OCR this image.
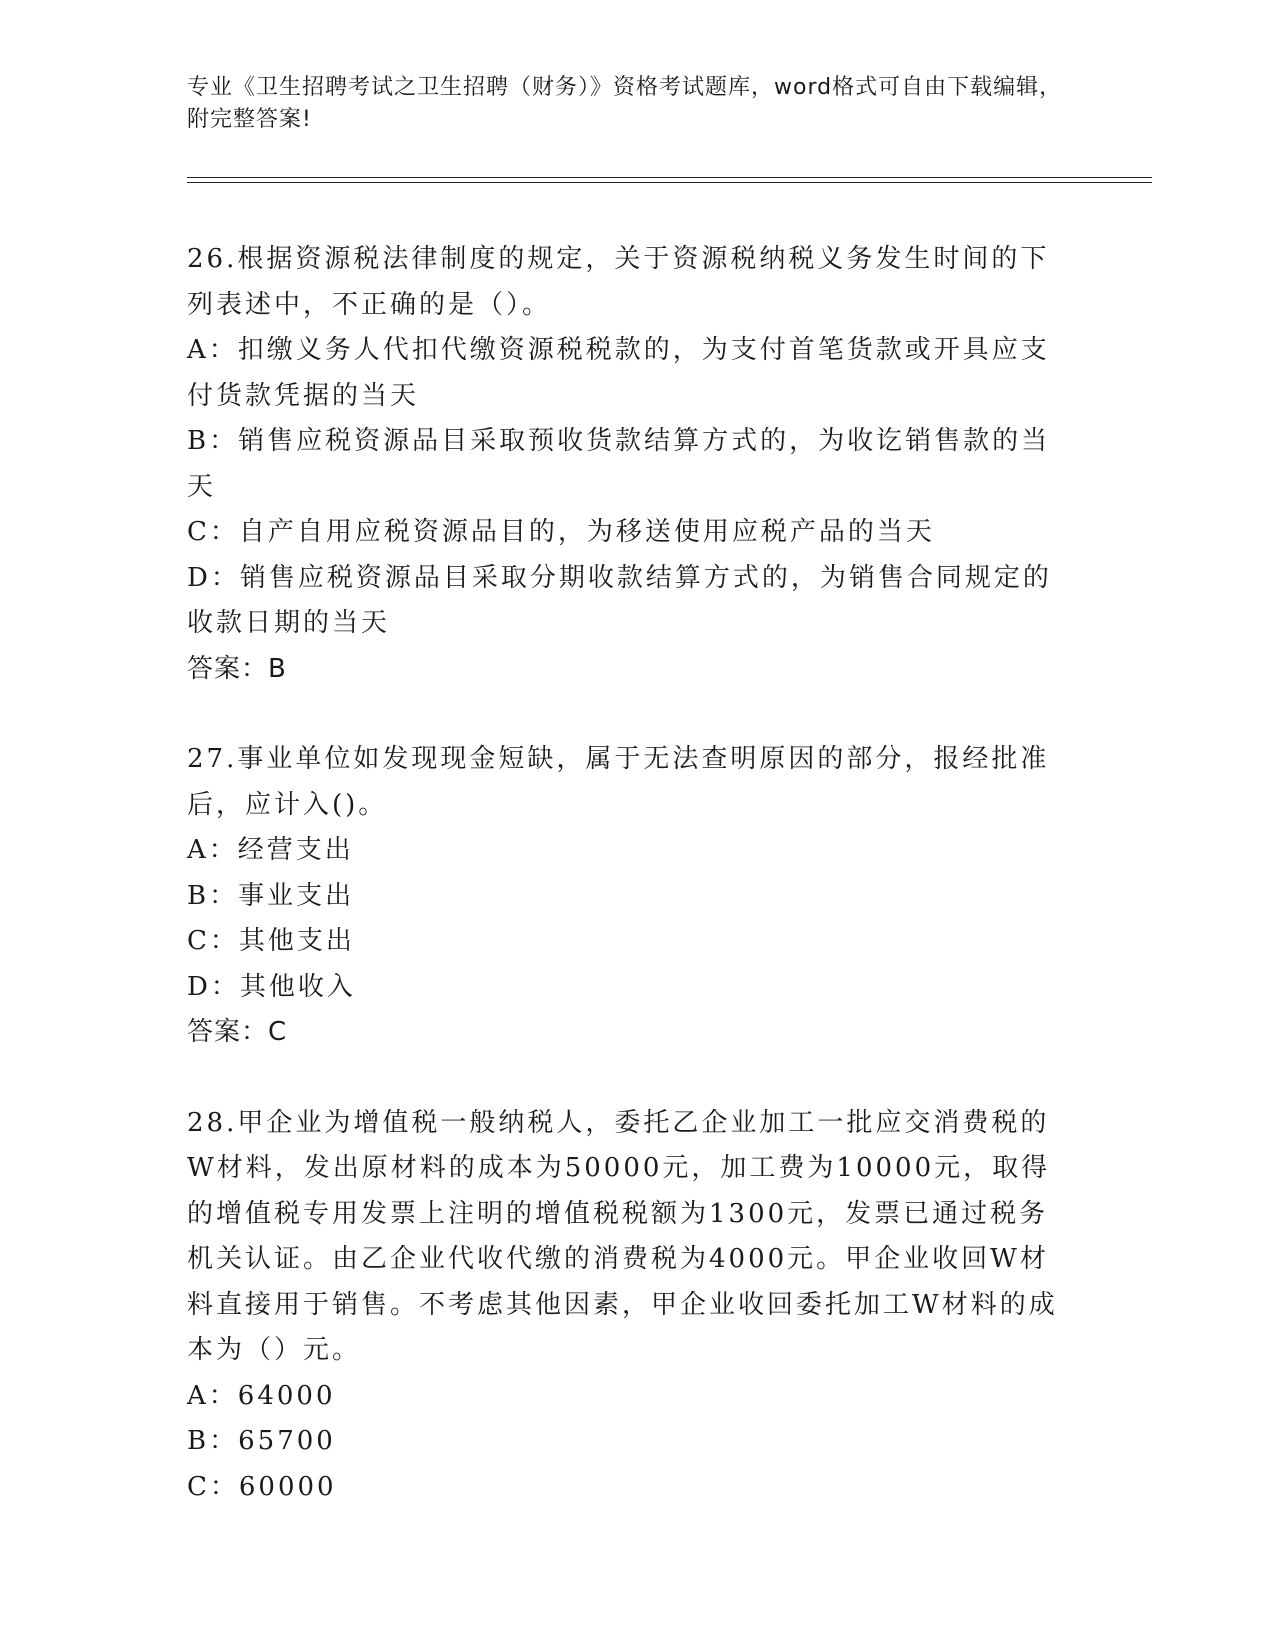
专业《卫生招聘考试之卫生招聘（财务）》资格考试题库，word格式可自由下载编辑，附完整答案!

26.根据资源税法律制度的规定，关于资源税纳税义务发生时间的下列表述中，不正确的是（）。

A：扣缴义务人代扣代缴资源税税款的，为支付首笔货款或开具应支付货款凭据的当天

B：销售应税资源品目采取预收货款结算方式的，为收讫销售款的当天

C：自产自用应税资源品目的，为移送使用应税产品的当天

D：销售应税资源品目采取分期收款结算方式的，为销售合同规定的收款日期的当天

答案：B

27.事业单位如发现现金短缺，属于无法查明原因的部分，报经批准后，应计入()。

A：经营支出

B：事业支出

C：其他支出

D：其他收入

答案：C

28.甲企业为增值税一般纳税人，委托乙企业加工一批应交消费税的W材料，发出原材料的成本为50000元，加工费为10000元，取得的增值税专用发票上注明的增值税税额为1300元，发票已通过税务机关认证。由乙企业代收代缴的消费税为4000元。甲企业收回W材料直接用于销售。不考虑其他因素，甲企业收回委托加工W材料的成本为（）元。

A：64000

B：65700

C：60000
